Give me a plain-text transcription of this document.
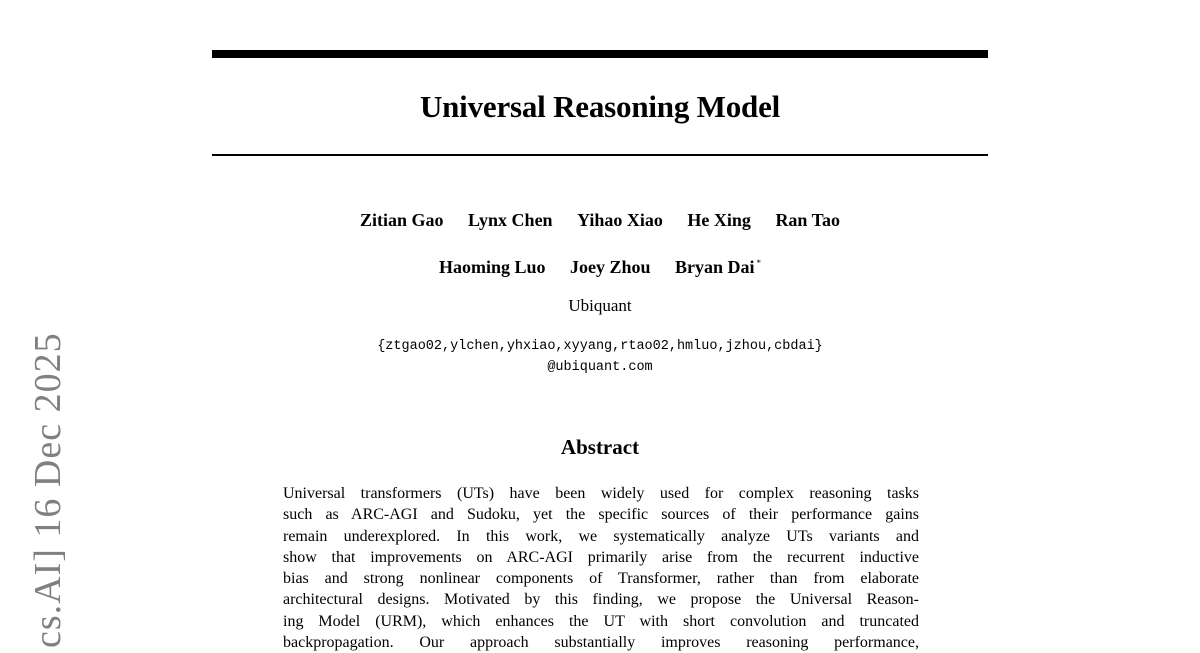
cs.AI] 16 Dec 2025
Universal Reasoning Model
Zitian Gao Lynx Chen Yihao Xiao He Xing Ran Tao
Haoming Luo Joey Zhou Bryan Dai *
Ubiquant
{ztgao02,ylchen,yhxiao,xyyang,rtao02,hmluo,jzhou,cbdai}
@ubiquant.com
Abstract
Universal transformers (UTs) have been widely used for complex reasoning tasks
such as ARC-AGI and Sudoku, yet the specific sources of their performance gains
remain underexplored. In this work, we systematically analyze UTs variants and
show that improvements on ARC-AGI primarily arise from the recurrent inductive
bias and strong nonlinear components of Transformer, rather than from elaborate
architectural designs. Motivated by this finding, we propose the Universal Reason-
ing Model (URM), which enhances the UT with short convolution and truncated
backpropagation. Our approach substantially improves reasoning performance,
